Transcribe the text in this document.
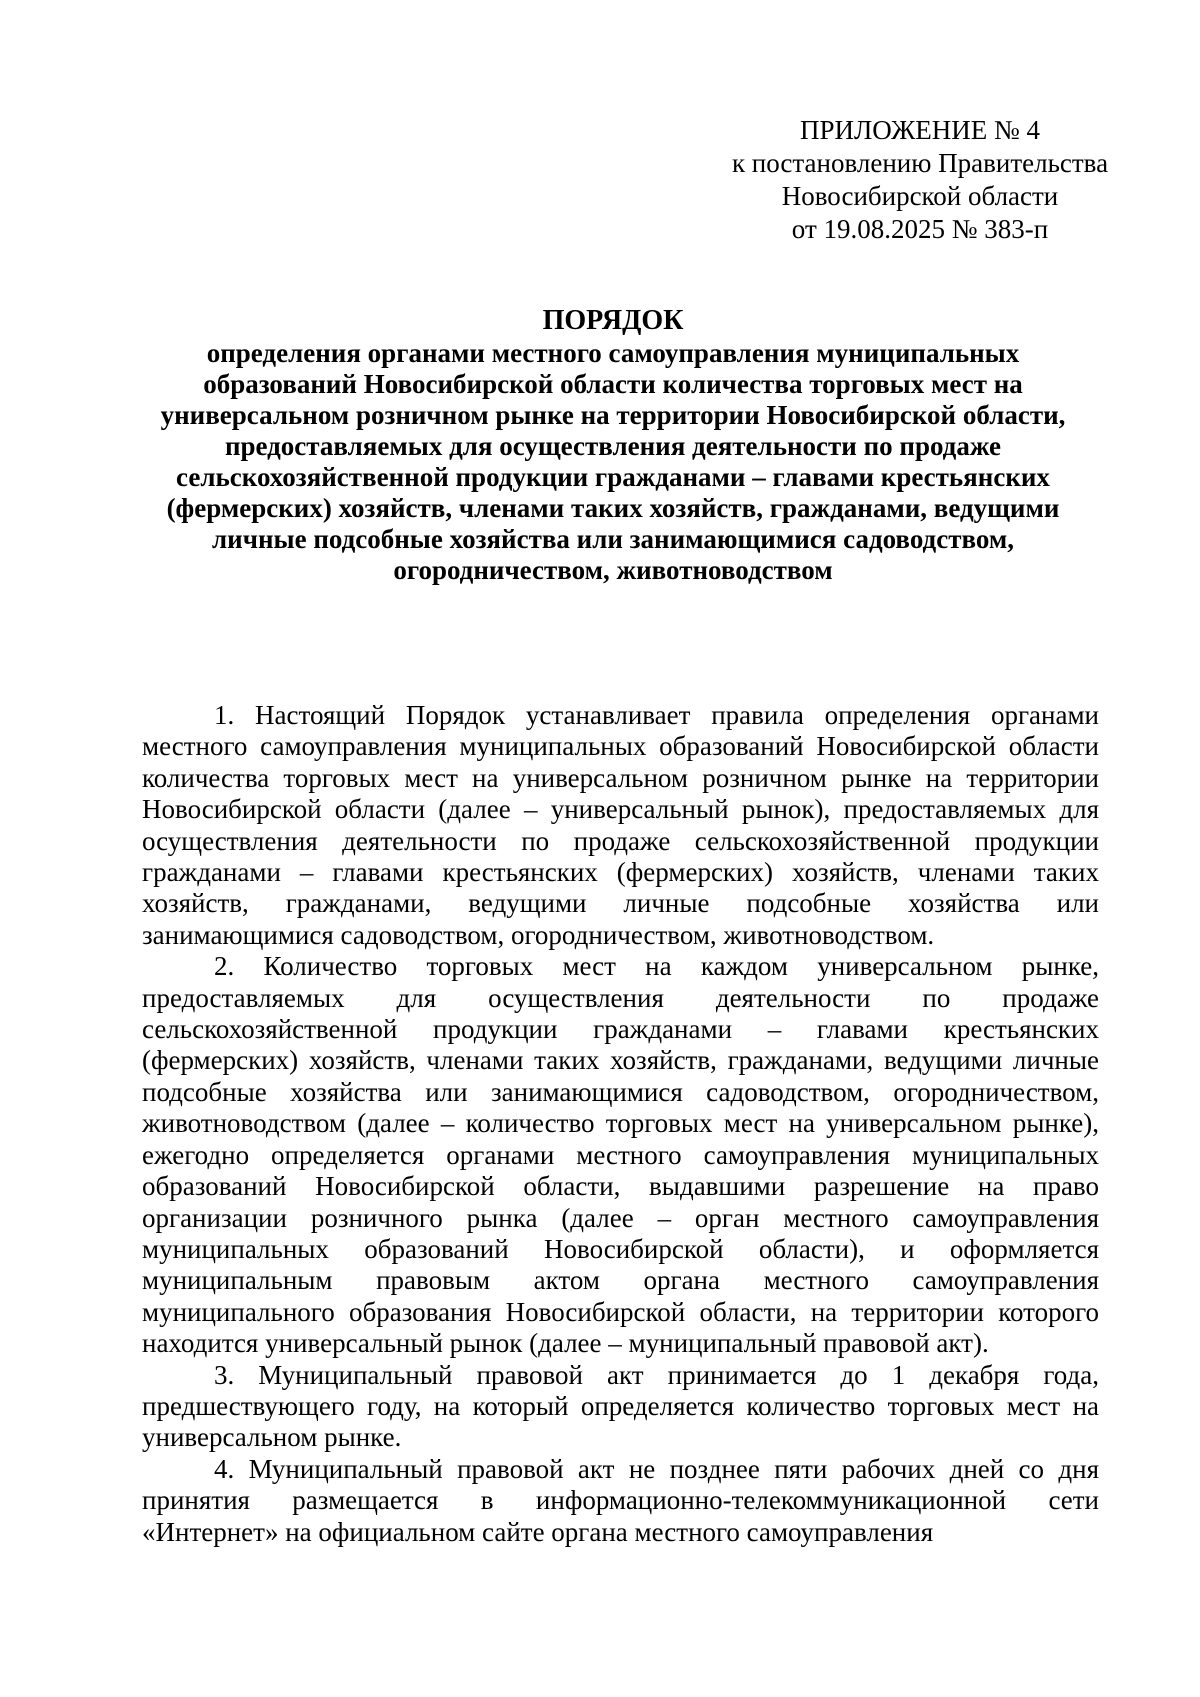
ПРИЛОЖЕНИЕ № 4
к постановлению Правительства
Новосибирской области
от 19.08.2025 № 383-п
ПОРЯДОК
определения органами местного самоуправления муниципальных образований Новосибирской области количества торговых мест на универсальном розничном рынке на территории Новосибирской области, предоставляемых для осуществления деятельности по продаже сельскохозяйственной продукции гражданами – главами крестьянских (фермерских) хозяйств, членами таких хозяйств, гражданами, ведущими личные подсобные хозяйства или занимающимися садоводством, огородничеством, животноводством

1. Настоящий Порядок устанавливает правила определения органами местного самоуправления муниципальных образований Новосибирской области количества торговых мест на универсальном розничном рынке на территории Новосибирской области (далее – универсальный рынок), предоставляемых для осуществления деятельности по продаже сельскохозяйственной продукции гражданами – главами крестьянских (фермерских) хозяйств, членами таких хозяйств, гражданами, ведущими личные подсобные хозяйства или занимающимися садоводством, огородничеством, животноводством.

2. Количество торговых мест на каждом универсальном рынке, предоставляемых для осуществления деятельности по продаже сельскохозяйственной продукции гражданами – главами крестьянских (фермерских) хозяйств, членами таких хозяйств, гражданами, ведущими личные подсобные хозяйства или занимающимися садоводством, огородничеством, животноводством (далее – количество торговых мест на универсальном рынке), ежегодно определяется органами местного самоуправления муниципальных образований Новосибирской области, выдавшими разрешение на право организации розничного рынка (далее – орган местного самоуправления муниципальных образований Новосибирской области), и оформляется муниципальным правовым актом органа местного самоуправления муниципального образования Новосибирской области, на территории которого находится универсальный рынок (далее – муниципальный правовой акт).

3. Муниципальный правовой акт принимается до 1 декабря года, предшествующего году, на который определяется количество торговых мест на универсальном рынке.

4. Муниципальный правовой акт не позднее пяти рабочих дней со дня принятия размещается в информационно-телекоммуникационной сети «Интернет» на официальном сайте органа местного самоуправления
